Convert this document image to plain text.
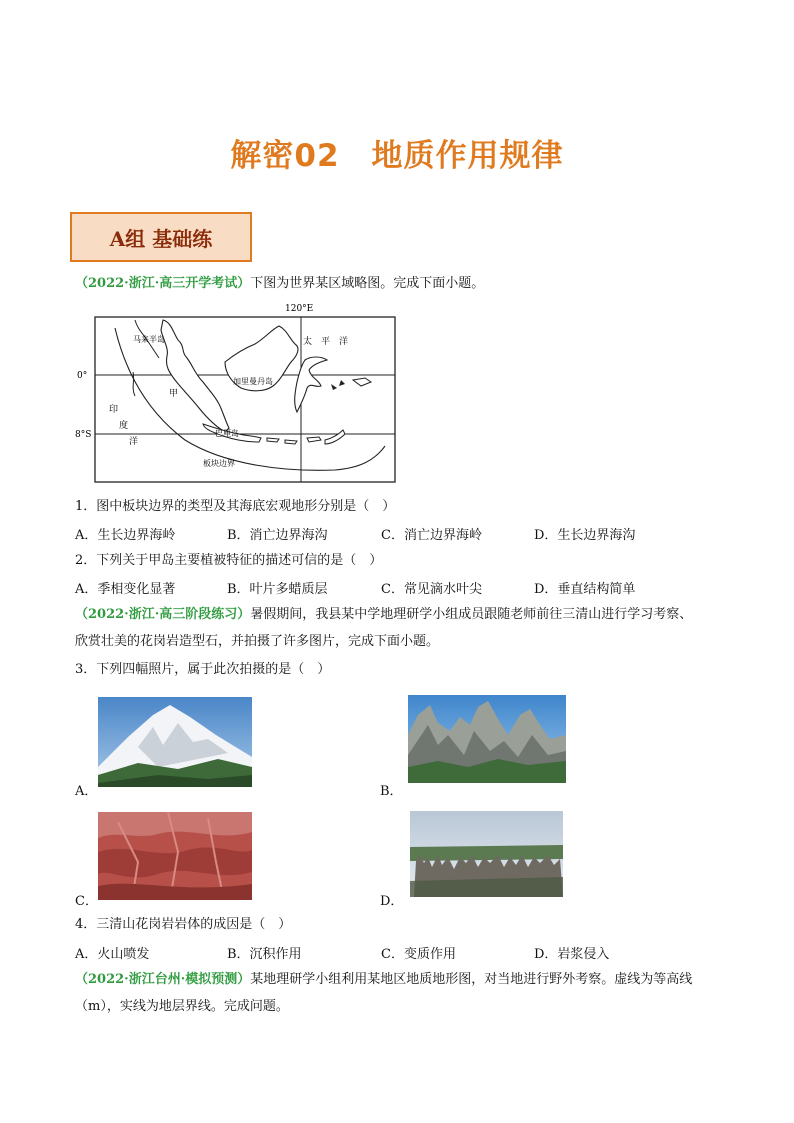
解密02　地质作用规律
A组 基础练
（2022·浙江·高三开学考试）下图为世界某区域略图。完成下面小题。
120°E
0°
8°S
马来半岛	太　平　洋
加里曼丹岛
甲
巴厘岛
印
度
洋
板块边界
1．图中板块边界的类型及其海底宏观地形分别是（　）
A．生长边界海岭	B．消亡边界海沟	C．消亡边界海岭	D．生长边界海沟
2．下列关于甲岛主要植被特征的描述可信的是（　）
A．季相变化显著	B．叶片多蜡质层	C．常见滴水叶尖	D．垂直结构简单
（2022·浙江·高三阶段练习）暑假期间，我县某中学地理研学小组成员跟随老师前往三清山进行学习考察、
欣赏壮美的花岗岩造型石，并拍摄了许多图片，完成下面小题。
3．下列四幅照片，属于此次拍摄的是（　）
A．	B．
C．	D．
4．三清山花岗岩岩体的成因是（　）
A．火山喷发	B．沉积作用	C．变质作用	D．岩浆侵入
（2022·浙江台州·模拟预测）某地理研学小组利用某地区地质地形图，对当地进行野外考察。虚线为等高线
（m），实线为地层界线。完成问题。
